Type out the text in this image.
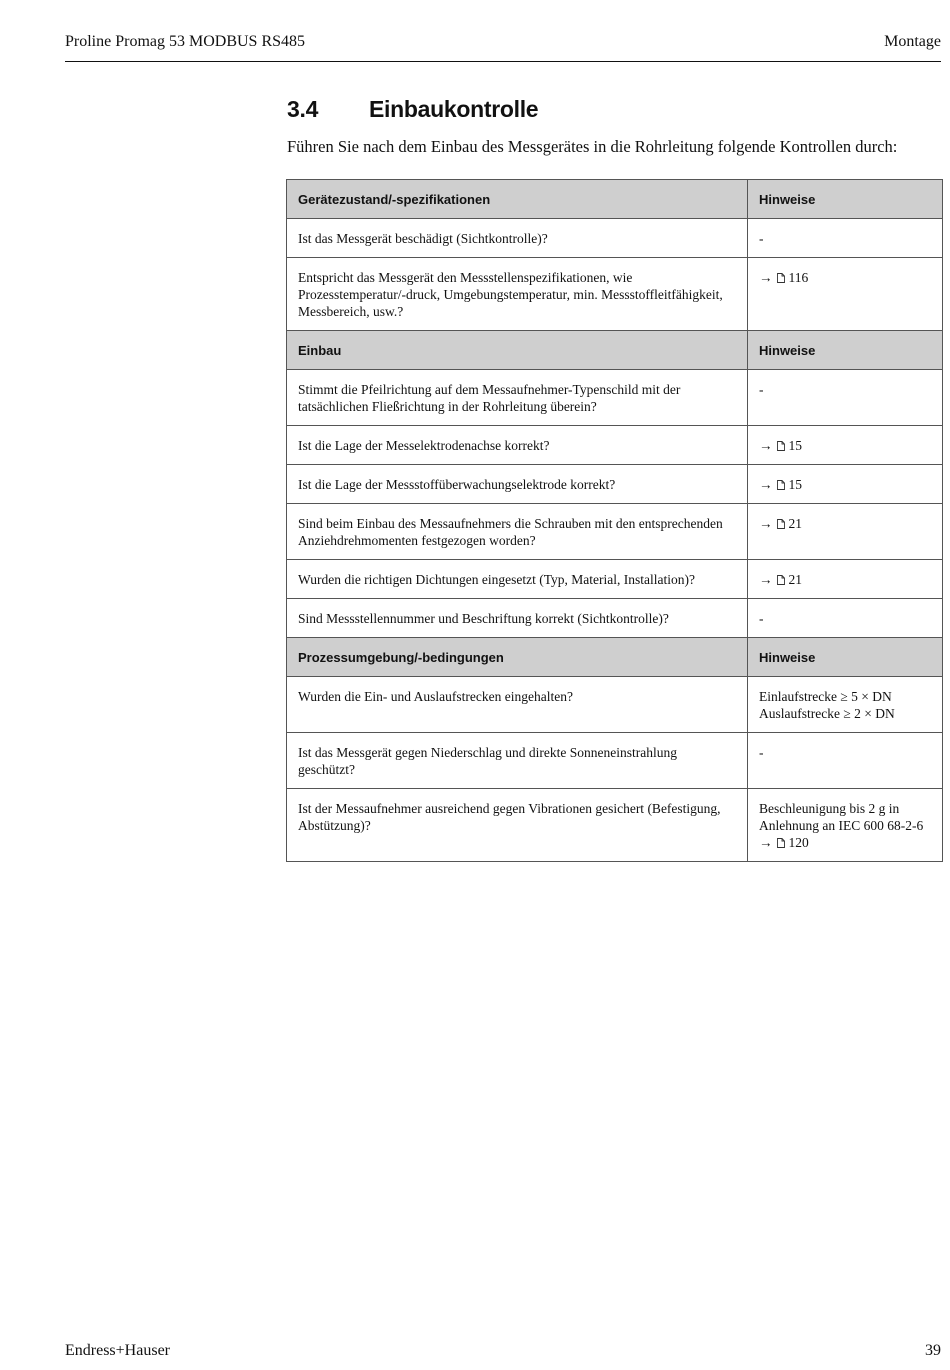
Proline Promag 53 MODBUS RS485	Montage
3.4 Einbaukontrolle
Führen Sie nach dem Einbau des Messgerätes in die Rohrleitung folgende Kontrollen durch:
Gerätezustand/-spezifikationen	Hinweise
Ist das Messgerät beschädigt (Sichtkontrolle)?	-
Entspricht das Messgerät den Messstellenspezifikationen, wie Prozesstemperatur/-druck, Umgebungstemperatur, min. Messstoffleitfähigkeit, Messbereich, usw.?	→ 116

Einbau	Hinweise
Stimmt die Pfeilrichtung auf dem Messaufnehmer-Typenschild mit der tatsächlichen Fließrichtung in der Rohrleitung überein?	-
Ist die Lage der Messelektrodenachse korrekt?	→ 15

Ist die Lage der Messstoffüberwachungselektrode korrekt?	→ 15

Sind beim Einbau des Messaufnehmers die Schrauben mit den entsprechenden Anziehdrehmomenten festgezogen worden?	→ 21

Wurden die richtigen Dichtungen eingesetzt (Typ, Material, Installation)?	→ 21

Sind Messstellennummer und Beschriftung korrekt (Sichtkontrolle)?	-
Prozessumgebung/-bedingungen	Hinweise
Wurden die Ein- und Auslaufstrecken eingehalten?	Einlaufstrecke ≥ 5 × DN
Auslaufstrecke ≥ 2 × DN

Ist das Messgerät gegen Niederschlag und direkte Sonneneinstrahlung geschützt?	-
Ist der Messaufnehmer ausreichend gegen Vibrationen gesichert (Befestigung, Abstützung)?	Beschleunigung bis 2 g in
Anlehnung an IEC 600 68-2-6
→ 120
Endress+Hauser	39
